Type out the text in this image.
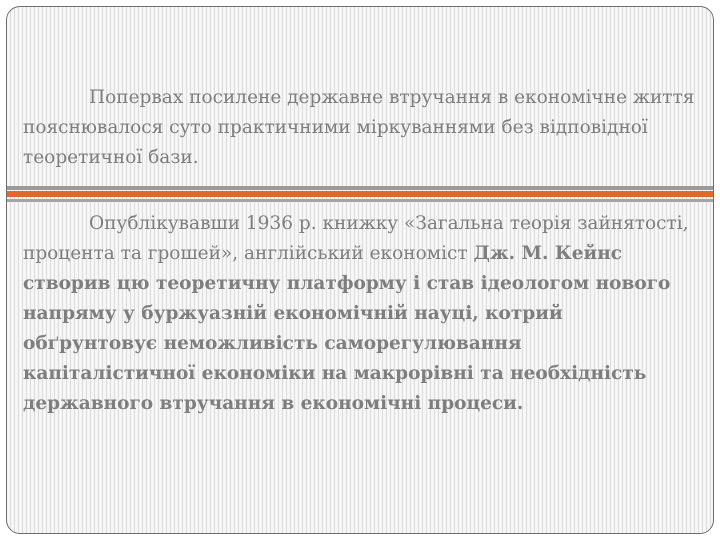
Поперваx посилене державне втручання в економічне життя пояснювалося суто практичними міркуваннями без відповідної теоретичної бази.

Опублікувавши 1936 р. книжку «Загальна теорія зайнятості, процента та грошей», англійський економіст Дж. М. Кейнс створив цю теоретичну платформу і став ідеологом нового напряму у буржуазній економічній науці, котрий обґрунтовує неможливість саморегулювання капіталістичної економіки на макрорівні та необхідність державного втручання в економічні процеси.
